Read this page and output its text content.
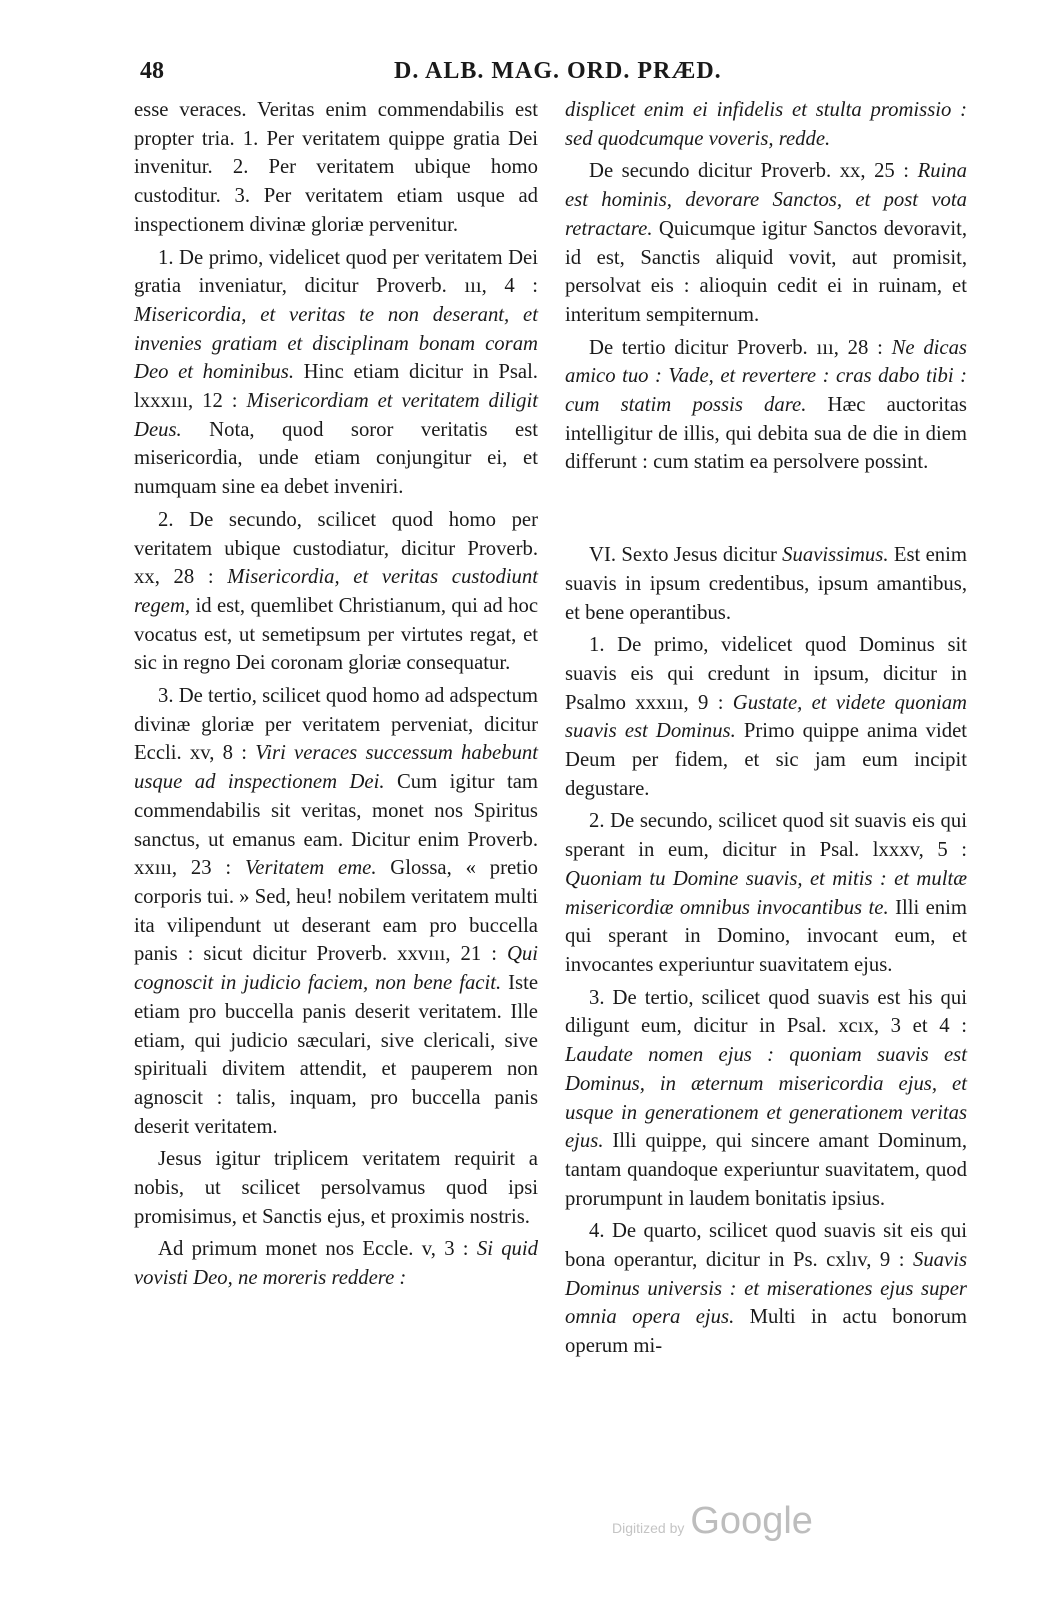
48	D. ALB. MAG. ORD. PRÆD.

esse veraces. Veritas enim commendabilis est propter tria. 1. Per veritatem quippe gratia Dei invenitur. 2. Per veritatem ubique homo custoditur. 3. Per veritatem etiam usque ad inspectionem divinæ gloriæ pervenitur.

1. De primo, videlicet quod per veritatem Dei gratia inveniatur, dicitur Proverb. ııı, 4 : Misericordia, et veritas te non deserant, et invenies gratiam et disciplinam bonam coram Deo et hominibus. Hinc etiam dicitur in Psal. lxxxııı, 12 : Misericordiam et veritatem diligit Deus. Nota, quod soror veritatis est misericordia, unde etiam conjungitur ei, et numquam sine ea debet inveniri.

2. De secundo, scilicet quod homo per veritatem ubique custodiatur, dicitur Proverb. xx, 28 : Misericordia, et veritas custodiunt regem, id est, quemlibet Christianum, qui ad hoc vocatus est, ut semetipsum per virtutes regat, et sic in regno Dei coronam gloriæ consequatur.

3. De tertio, scilicet quod homo ad adspectum divinæ gloriæ per veritatem perveniat, dicitur Eccli. xv, 8 : Viri veraces successum habebunt usque ad inspectionem Dei. Cum igitur tam commendabilis sit veritas, monet nos Spiritus sanctus, ut emanus eam. Dicitur enim Proverb. xxııı, 23 : Veritatem eme. Glossa, « pretio corporis tui. » Sed, heu! nobilem veritatem multi ita vilipendunt ut deserant eam pro buccella panis : sicut dicitur Proverb. xxvııı, 21 : Qui cognoscit in judicio faciem, non bene facit. Iste etiam pro buccella panis deserit veritatem. Ille etiam, qui judicio sæculari, sive clericali, sive spirituali divitem attendit, et pauperem non agnoscit : talis, inquam, pro buccella panis deserit veritatem.

Jesus igitur triplicem veritatem requirit a nobis, ut scilicet persolvamus quod ipsi promisimus, et Sanctis ejus, et proximis nostris.

Ad primum monet nos Eccle. v, 3 : Si quid vovisti Deo, ne moreris reddere :

displicet enim ei infidelis et stulta promissio : sed quodcumque voveris, redde.

De secundo dicitur Proverb. xx, 25 : Ruina est hominis, devorare Sanctos, et post vota retractare. Quicumque igitur Sanctos devoravit, id est, Sanctis aliquid vovit, aut promisit, persolvat eis : alioquin cedit ei in ruinam, et interitum sempiternum.

De tertio dicitur Proverb. ııı, 28 : Ne dicas amico tuo : Vade, et revertere : cras dabo tibi : cum statim possis dare. Hæc auctoritas intelligitur de illis, qui debita sua de die in diem differunt : cum statim ea persolvere possint.

VI. Sexto Jesus dicitur Suavissimus. Est enim suavis in ipsum credentibus, ipsum amantibus, et bene operantibus.

1. De primo, videlicet quod Dominus sit suavis eis qui credunt in ipsum, dicitur in Psalmo xxxııı, 9 : Gustate, et videte quoniam suavis est Dominus. Primo quippe anima videt Deum per fidem, et sic jam eum incipit degustare.

2. De secundo, scilicet quod sit suavis eis qui sperant in eum, dicitur in Psal. lxxxv, 5 : Quoniam tu Domine suavis, et mitis : et multæ misericordiæ omnibus invocantibus te. Illi enim qui sperant in Domino, invocant eum, et invocantes experiuntur suavitatem ejus.

3. De tertio, scilicet quod suavis est his qui diligunt eum, dicitur in Psal. xcıx, 3 et 4 : Laudate nomen ejus : quoniam suavis est Dominus, in æternum misericordia ejus, et usque in generationem et generationem veritas ejus. Illi quippe, qui sincere amant Dominum, tantam quandoque experiuntur suavitatem, quod prorumpunt in laudem bonitatis ipsius.

4. De quarto, scilicet quod suavis sit eis qui bona operantur, dicitur in Ps. cxlıv, 9 : Suavis Dominus universis : et miserationes ejus super omnia opera ejus. Multi in actu bonorum operum mi-

Digitized by Google
